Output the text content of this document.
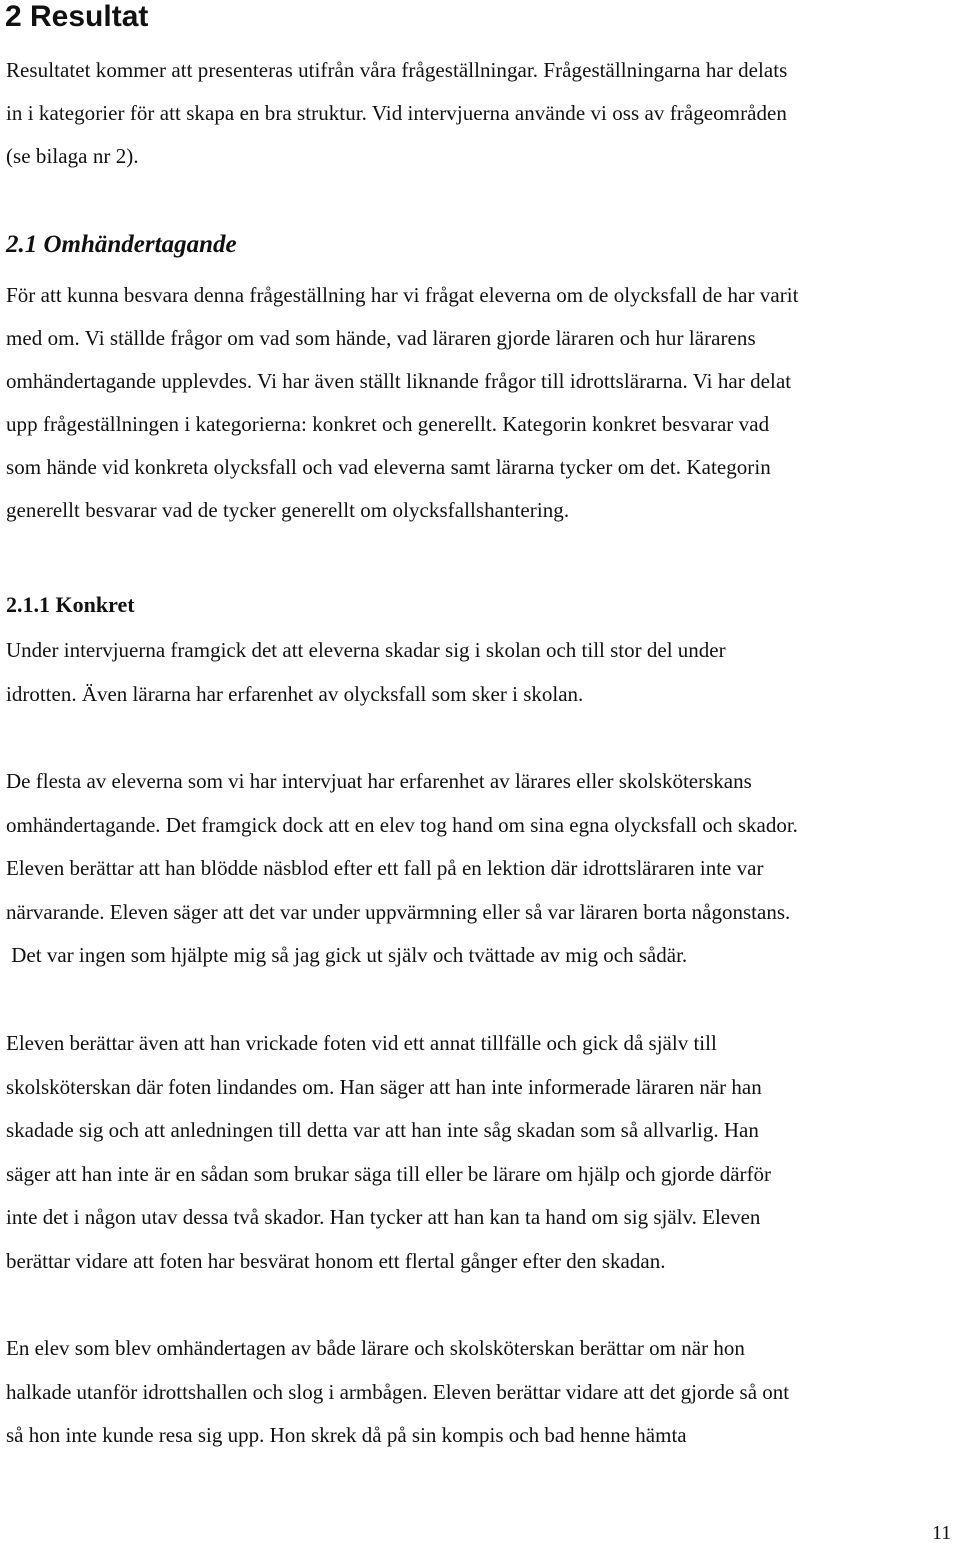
2 Resultat
Resultatet kommer att presenteras utifrån våra frågeställningar. Frågeställningarna har delats
in i kategorier för att skapa en bra struktur. Vid intervjuerna använde vi oss av frågeområden
(se bilaga nr 2).
2.1 Omhändertagande
För att kunna besvara denna frågeställning har vi frågat eleverna om de olycksfall de har varit
med om. Vi ställde frågor om vad som hände, vad läraren gjorde läraren och hur lärarens
omhändertagande upplevdes. Vi har även ställt liknande frågor till idrottslärarna. Vi har delat
upp frågeställningen i kategorierna: konkret och generellt. Kategorin konkret besvarar vad
som hände vid konkreta olycksfall och vad eleverna samt lärarna tycker om det. Kategorin
generellt besvarar vad de tycker generellt om olycksfallshantering.
2.1.1 Konkret
Under intervjuerna framgick det att eleverna skadar sig i skolan och till stor del under
idrotten. Även lärarna har erfarenhet av olycksfall som sker i skolan.
De flesta av eleverna som vi har intervjuat har erfarenhet av lärares eller skolsköterskans
omhändertagande. Det framgick dock att en elev tog hand om sina egna olycksfall och skador.
Eleven berättar att han blödde näsblod efter ett fall på en lektion där idrottsläraren inte var
närvarande. Eleven säger att det var under uppvärmning eller så var läraren borta någonstans.
Det var ingen som hjälpte mig så jag gick ut själv och tvättade av mig och sådär.
Eleven berättar även att han vrickade foten vid ett annat tillfälle och gick då själv till
skolsköterskan där foten lindandes om. Han säger att han inte informerade läraren när han
skadade sig och att anledningen till detta var att han inte såg skadan som så allvarlig. Han
säger att han inte är en sådan som brukar säga till eller be lärare om hjälp och gjorde därför
inte det i någon utav dessa två skador. Han tycker att han kan ta hand om sig själv. Eleven
berättar vidare att foten har besvärat honom ett flertal gånger efter den skadan.
En elev som blev omhändertagen av både lärare och skolsköterskan berättar om när hon
halkade utanför idrottshallen och slog i armbågen. Eleven berättar vidare att det gjorde så ont
så hon inte kunde resa sig upp. Hon skrek då på sin kompis och bad henne hämta
11
